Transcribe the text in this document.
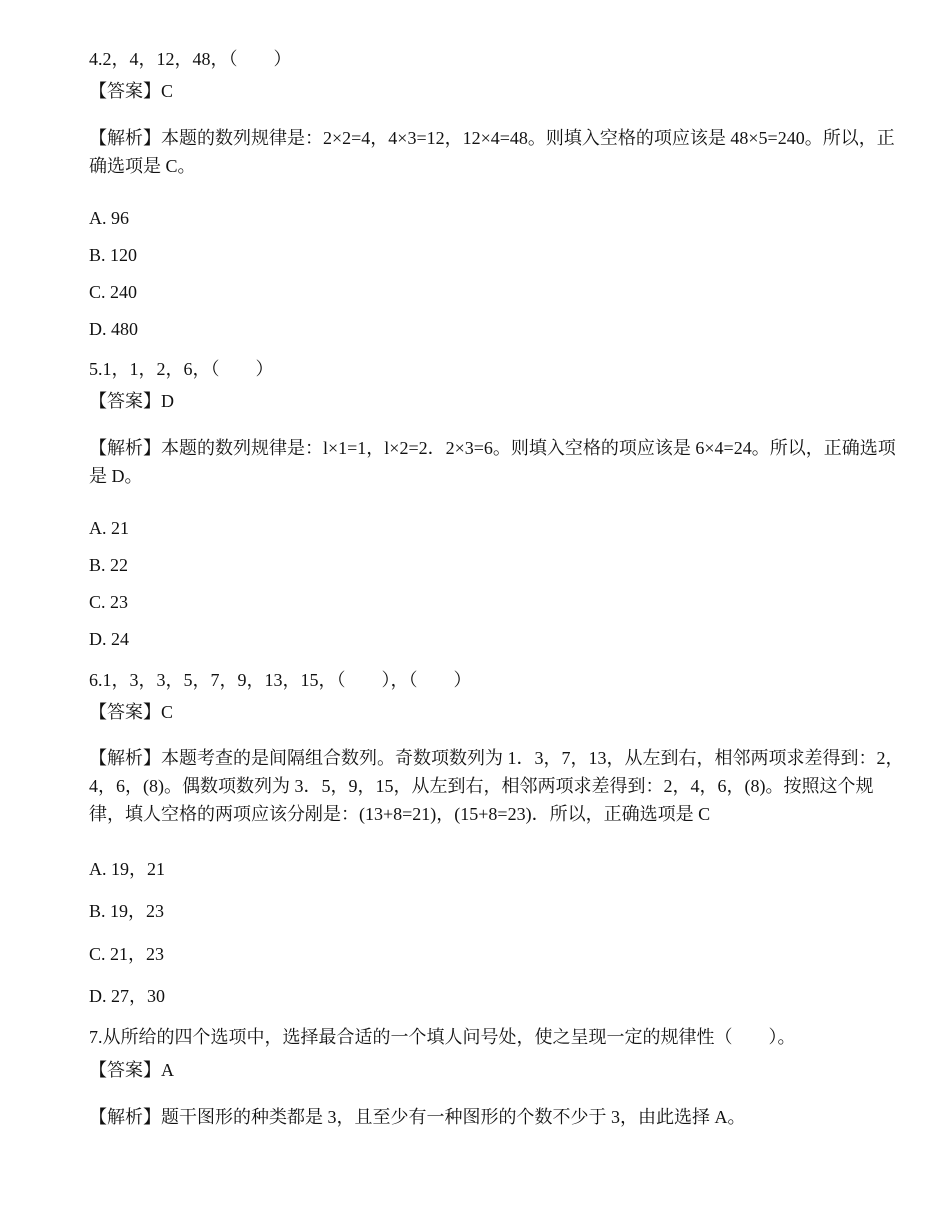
4.2，4，12，48，（　　）
【答案】C
【解析】本题的数列规律是：2×2=4，4×3=12，12×4=48。则填入空格的项应该是 48×5=240。所以，正确选项是 C。
A. 96
B. 120
C. 240
D. 480
5.1，1，2，6，（　　）
【答案】D
【解析】本题的数列规律是：l×1=1，l×2=2．2×3=6。则填入空格的项应该是 6×4=24。所以，正确选项是 D。
A. 21
B. 22
C. 23
D. 24
6.1，3，3，5，7，9，13，15，（　　），（　　）
【答案】C
【解析】本题考查的是间隔组合数列。奇数项数列为 1．3，7，13，从左到右，相邻两项求差得到：2，4，6，(8)。偶数项数列为 3．5，9，15，从左到右，相邻两项求差得到：2，4，6，(8)。按照这个规律，填人空格的两项应该分剐是：(13+8=21)，(15+8=23)．所以，正确选项是 C
A. 19，21
B. 19，23
C. 21，23
D. 27，30
7.从所给的四个选项中，选择最合适的一个填人问号处，使之呈现一定的规律性（　　）。
【答案】A
【解析】题干图形的种类都是 3，且至少有一种图形的个数不少于 3，由此选择 A。
